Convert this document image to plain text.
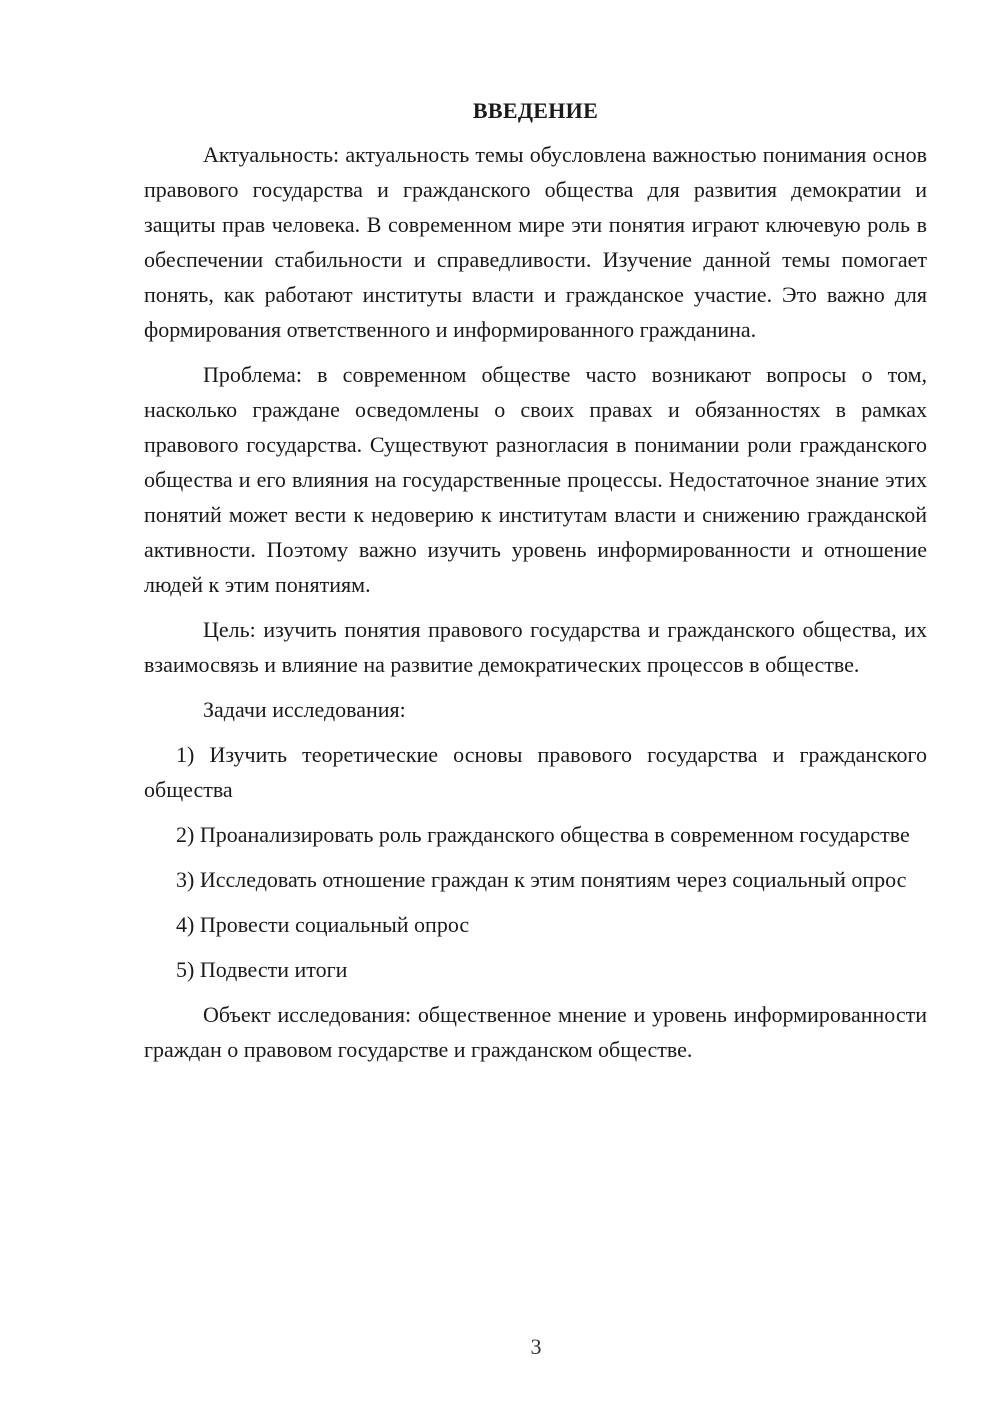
ВВЕДЕНИЕ

Актуальность: актуальность темы обусловлена важностью понимания основ правового государства и гражданского общества для развития демократии и защиты прав человека. В современном мире эти понятия играют ключевую роль в обеспечении стабильности и справедливости. Изучение данной темы помогает понять, как работают институты власти и гражданское участие. Это важно для формирования ответственного и информированного гражданина.

Проблема: в современном обществе часто возникают вопросы о том, насколько граждане осведомлены о своих правах и обязанностях в рамках правового государства. Существуют разногласия в понимании роли гражданского общества и его влияния на государственные процессы. Недостаточное знание этих понятий может вести к недоверию к институтам власти и снижению гражданской активности. Поэтому важно изучить уровень информированности и отношение людей к этим понятиям.

Цель: изучить понятия правового государства и гражданского общества, их взаимосвязь и влияние на развитие демократических процессов в обществе.

Задачи исследования:

1) Изучить теоретические основы правового государства и гражданского общества

2) Проанализировать роль гражданского общества в современном государстве

3) Исследовать отношение граждан к этим понятиям через социальный опрос

4) Провести социальный опрос

5) Подвести итоги

Объект исследования: общественное мнение и уровень информированности граждан о правовом государстве и гражданском обществе.

3
